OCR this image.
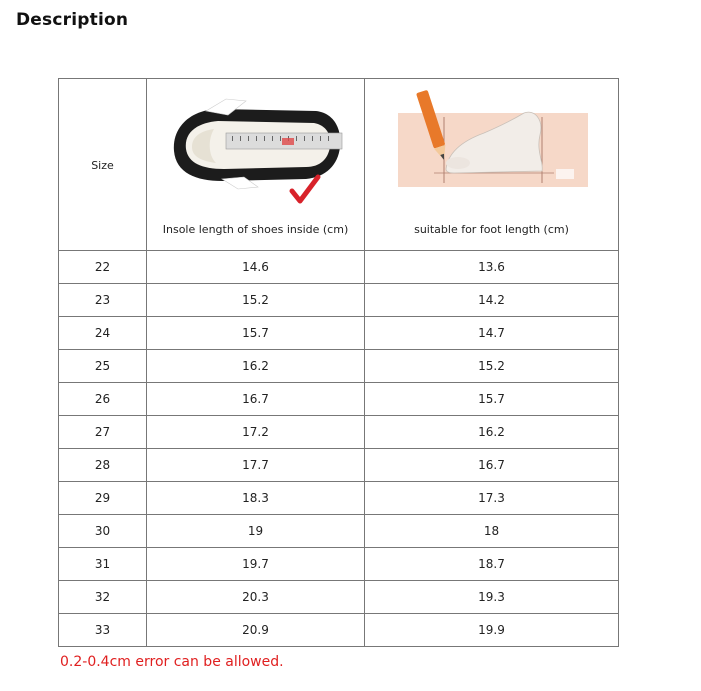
Description
Size	Insole length of shoes inside (cm)	suitable for foot length (cm)

22	14.6	13.6
23	15.2	14.2
24	15.7	14.7
25	16.2	15.2
26	16.7	15.7
27	17.2	16.2
28	17.7	16.7
29	18.3	17.3
30	19	18
31	19.7	18.7
32	20.3	19.3
33	20.9	19.9
0.2-0.4cm error can be allowed.
